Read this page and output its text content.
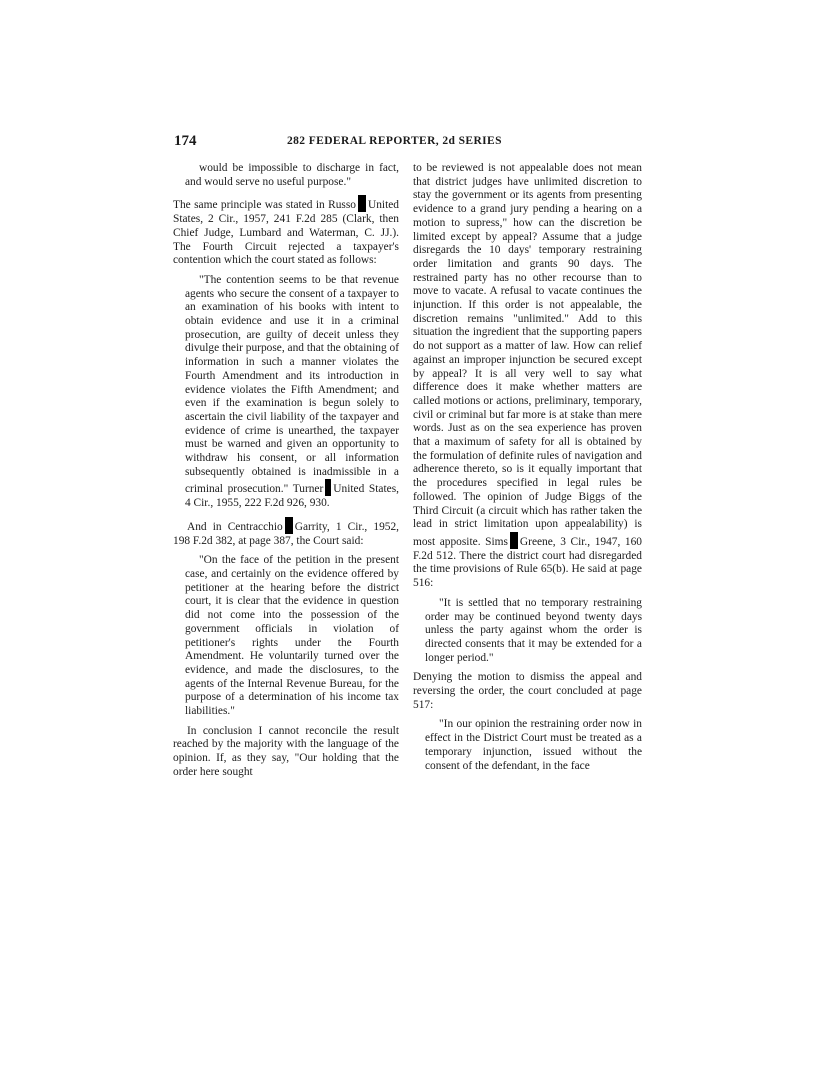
174	282 FEDERAL REPORTER, 2d SERIES

would be impossible to discharge in fact, and would serve no useful purpose."

The same principle was stated in Russo United States, 2 Cir., 1957, 241 F.2d 285 (Clark, then Chief Judge, Lumbard and Waterman, C. JJ.). The Fourth Circuit rejected a taxpayer's contention which the court stated as follows:

"The contention seems to be that revenue agents who secure the consent of a taxpayer to an examination of his books with intent to obtain evidence and use it in a criminal prosecution, are guilty of deceit unless they divulge their purpose, and that the obtaining of information in such a manner violates the Fourth Amendment and its introduction in evidence violates the Fifth Amendment; and even if the examination is begun solely to ascertain the civil liability of the taxpayer and evidence of crime is unearthed, the taxpayer must be warned and given an opportunity to withdraw his consent, or all information subsequently obtained is inadmissible in a criminal prosecution." Turner United States, 4 Cir., 1955, 222 F.2d 926, 930.

And in Centracchio Garrity, 1 Cir., 1952, 198 F.2d 382, at page 387, the Court said:

"On the face of the petition in the present case, and certainly on the evidence offered by petitioner at the hearing before the district court, it is clear that the evidence in question did not come into the possession of the government officials in violation of petitioner's rights under the Fourth Amendment. He voluntarily turned over the evidence, and made the disclosures, to the agents of the Internal Revenue Bureau, for the purpose of a determination of his income tax liabilities."

In conclusion I cannot reconcile the result reached by the majority with the language of the opinion. If, as they say, "Our holding that the order here sought

to be reviewed is not appealable does not mean that district judges have unlimited discretion to stay the government or its agents from presenting evidence to a grand jury pending a hearing on a motion to supress," how can the discretion be limited except by appeal? Assume that a judge disregards the 10 days' temporary restraining order limitation and grants 90 days. The restrained party has no other recourse than to move to vacate. A refusal to vacate continues the injunction. If this order is not appealable, the discretion remains "unlimited." Add to this situation the ingredient that the supporting papers do not support as a matter of law. How can relief against an improper injunction be secured except by appeal? It is all very well to say what difference does it make whether matters are called motions or actions, preliminary, temporary, civil or criminal but far more is at stake than mere words. Just as on the sea experience has proven that a maximum of safety for all is obtained by the formulation of definite rules of navigation and adherence thereto, so is it equally important that the procedures specified in legal rules be followed. The opinion of Judge Biggs of the Third Circuit (a circuit which has rather taken the lead in strict limitation upon appealability) is most apposite. Sims Greene, 3 Cir., 1947, 160 F.2d 512. There the district court had disregarded the time provisions of Rule 65(b). He said at page 516:

"It is settled that no temporary restraining order may be continued beyond twenty days unless the party against whom the order is directed consents that it may be extended for a longer period."

Denying the motion to dismiss the appeal and reversing the order, the court concluded at page 517:

"In our opinion the restraining order now in effect in the District Court must be treated as a temporary injunction, issued without the consent of the defendant, in the face
